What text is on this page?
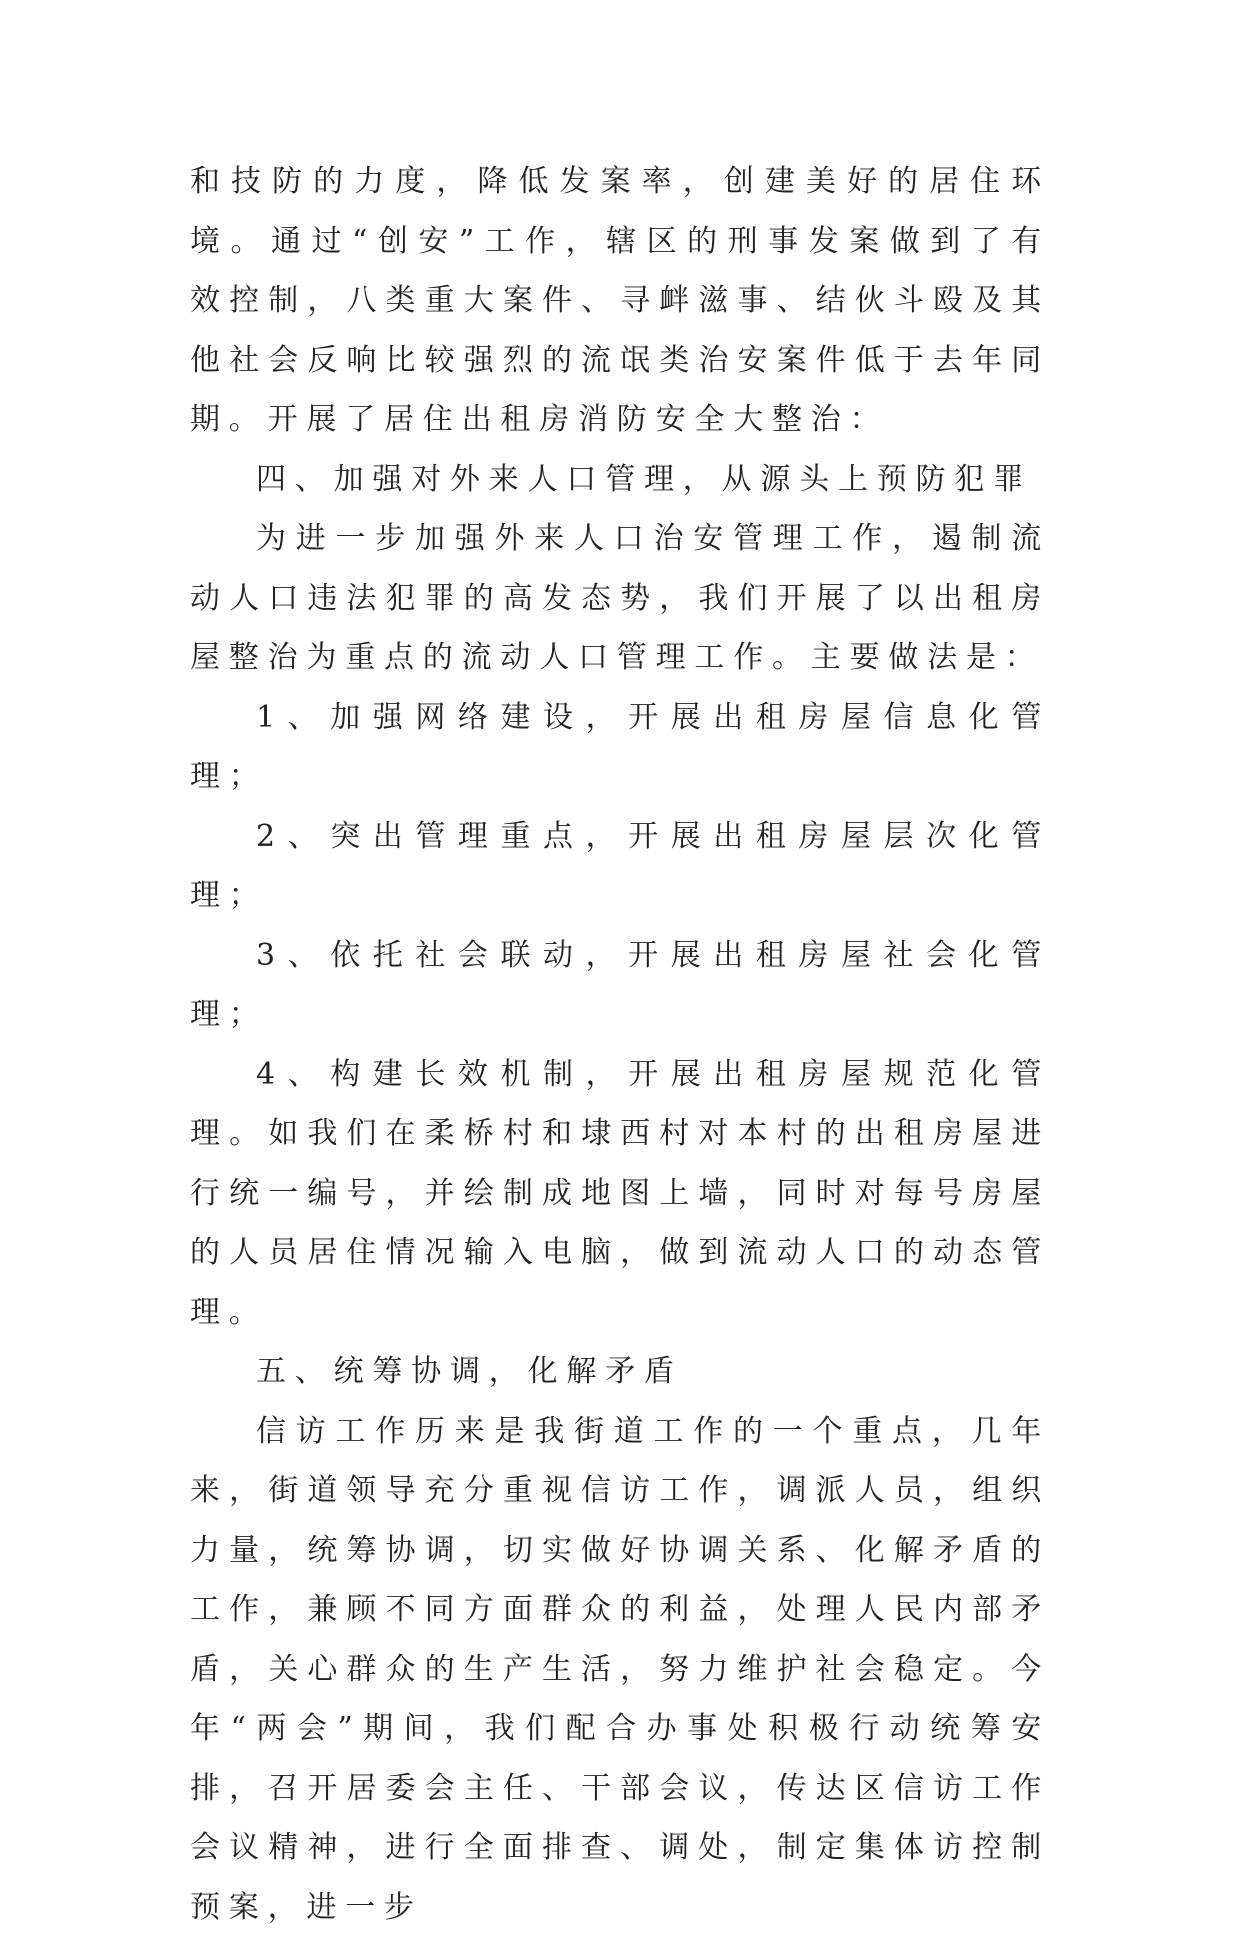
和技防的力度，降低发案率，创建美好的居住环境。通过“创安”工作，辖区的刑事发案做到了有效控制，八类重大案件、寻衅滋事、结伙斗殴及其他社会反响比较强烈的流氓类治安案件低于去年同期。开展了居住出租房消防安全大整治：

四、加强对外来人口管理，从源头上预防犯罪

为进一步加强外来人口治安管理工作，遏制流动人口违法犯罪的高发态势，我们开展了以出租房屋整治为重点的流动人口管理工作。主要做法是：

1、加强网络建设，开展出租房屋信息化管理；

2、突出管理重点，开展出租房屋层次化管理；

3、依托社会联动，开展出租房屋社会化管理；

4、构建长效机制，开展出租房屋规范化管理。如我们在柔桥村和埭西村对本村的出租房屋进行统一编号，并绘制成地图上墙，同时对每号房屋的人员居住情况输入电脑，做到流动人口的动态管理。

五、统筹协调，化解矛盾

信访工作历来是我街道工作的一个重点，几年来，街道领导充分重视信访工作，调派人员，组织力量，统筹协调，切实做好协调关系、化解矛盾的工作，兼顾不同方面群众的利益，处理人民内部矛盾，关心群众的生产生活，努力维护社会稳定。今年“两会”期间，我们配合办事处积极行动统筹安排，召开居委会主任、干部会议，传达区信访工作会议精神，进行全面排查、调处，制定集体访控制预案，进一步
